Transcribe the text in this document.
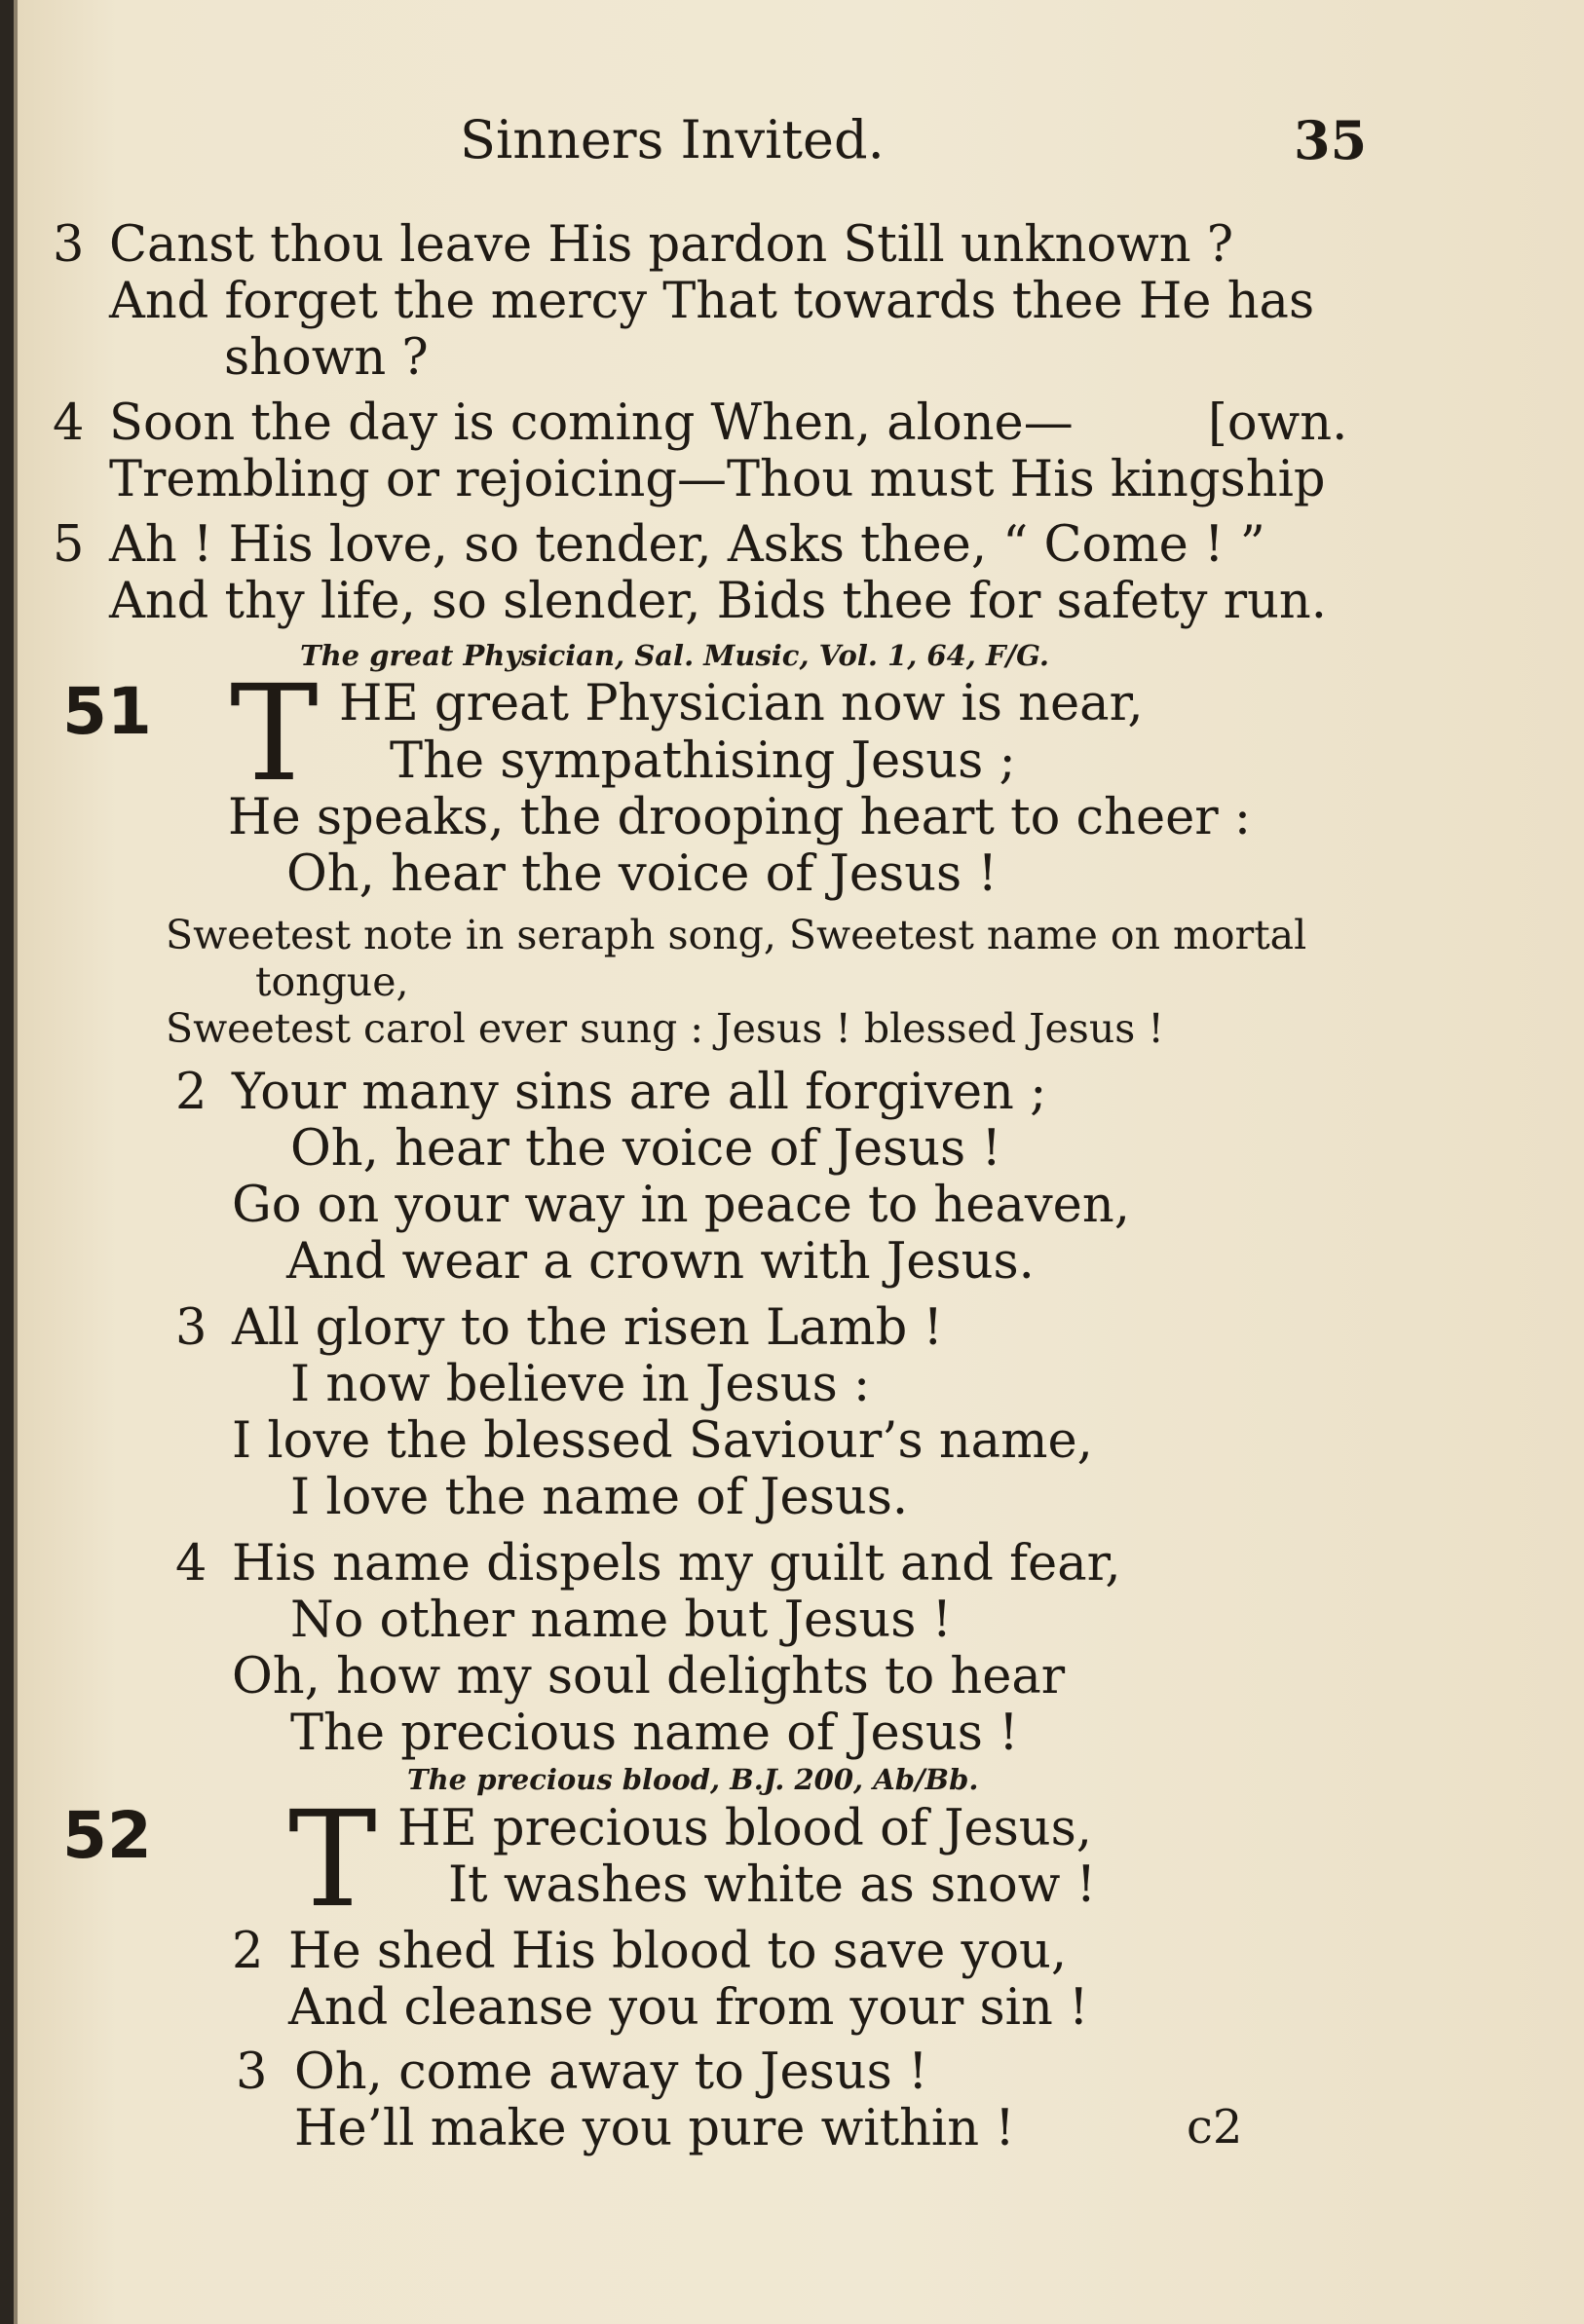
Sinners Invited.	35
3 Canst thou leave His pardon Still unknown ?
And forget the mercy That towards thee He has
shown ?
4 Soon the day is coming When, alone—	[own.
Trembling or rejoicing—Thou must His kingship
5 Ah ! His love, so tender, Asks thee, “ Come ! ”
And thy life, so slender, Bids thee for safety run.
The great Physician, Sal. Music, Vol. 1, 64, F/G.
51 T HE great Physician now is near,
The sympathising Jesus ;
He speaks, the drooping heart to cheer :
Oh, hear the voice of Jesus !
Sweetest note in seraph song, Sweetest name on mortal
tongue,
Sweetest carol ever sung : Jesus ! blessed Jesus !
2 Your many sins are all forgiven ;
Oh, hear the voice of Jesus !
Go on your way in peace to heaven,
And wear a crown with Jesus.
3 All glory to the risen Lamb !
I now believe in Jesus :
I love the blessed Saviour’s name,
I love the name of Jesus.
4 His name dispels my guilt and fear,
No other name but Jesus !
Oh, how my soul delights to hear
The precious name of Jesus !
The precious blood, B.J. 200, Ab/Bb.
52 T HE precious blood of Jesus,
It washes white as snow !
2 He shed His blood to save you,
And cleanse you from your sin !
3 Oh, come away to Jesus !
He’ll make you pure within !	c2
